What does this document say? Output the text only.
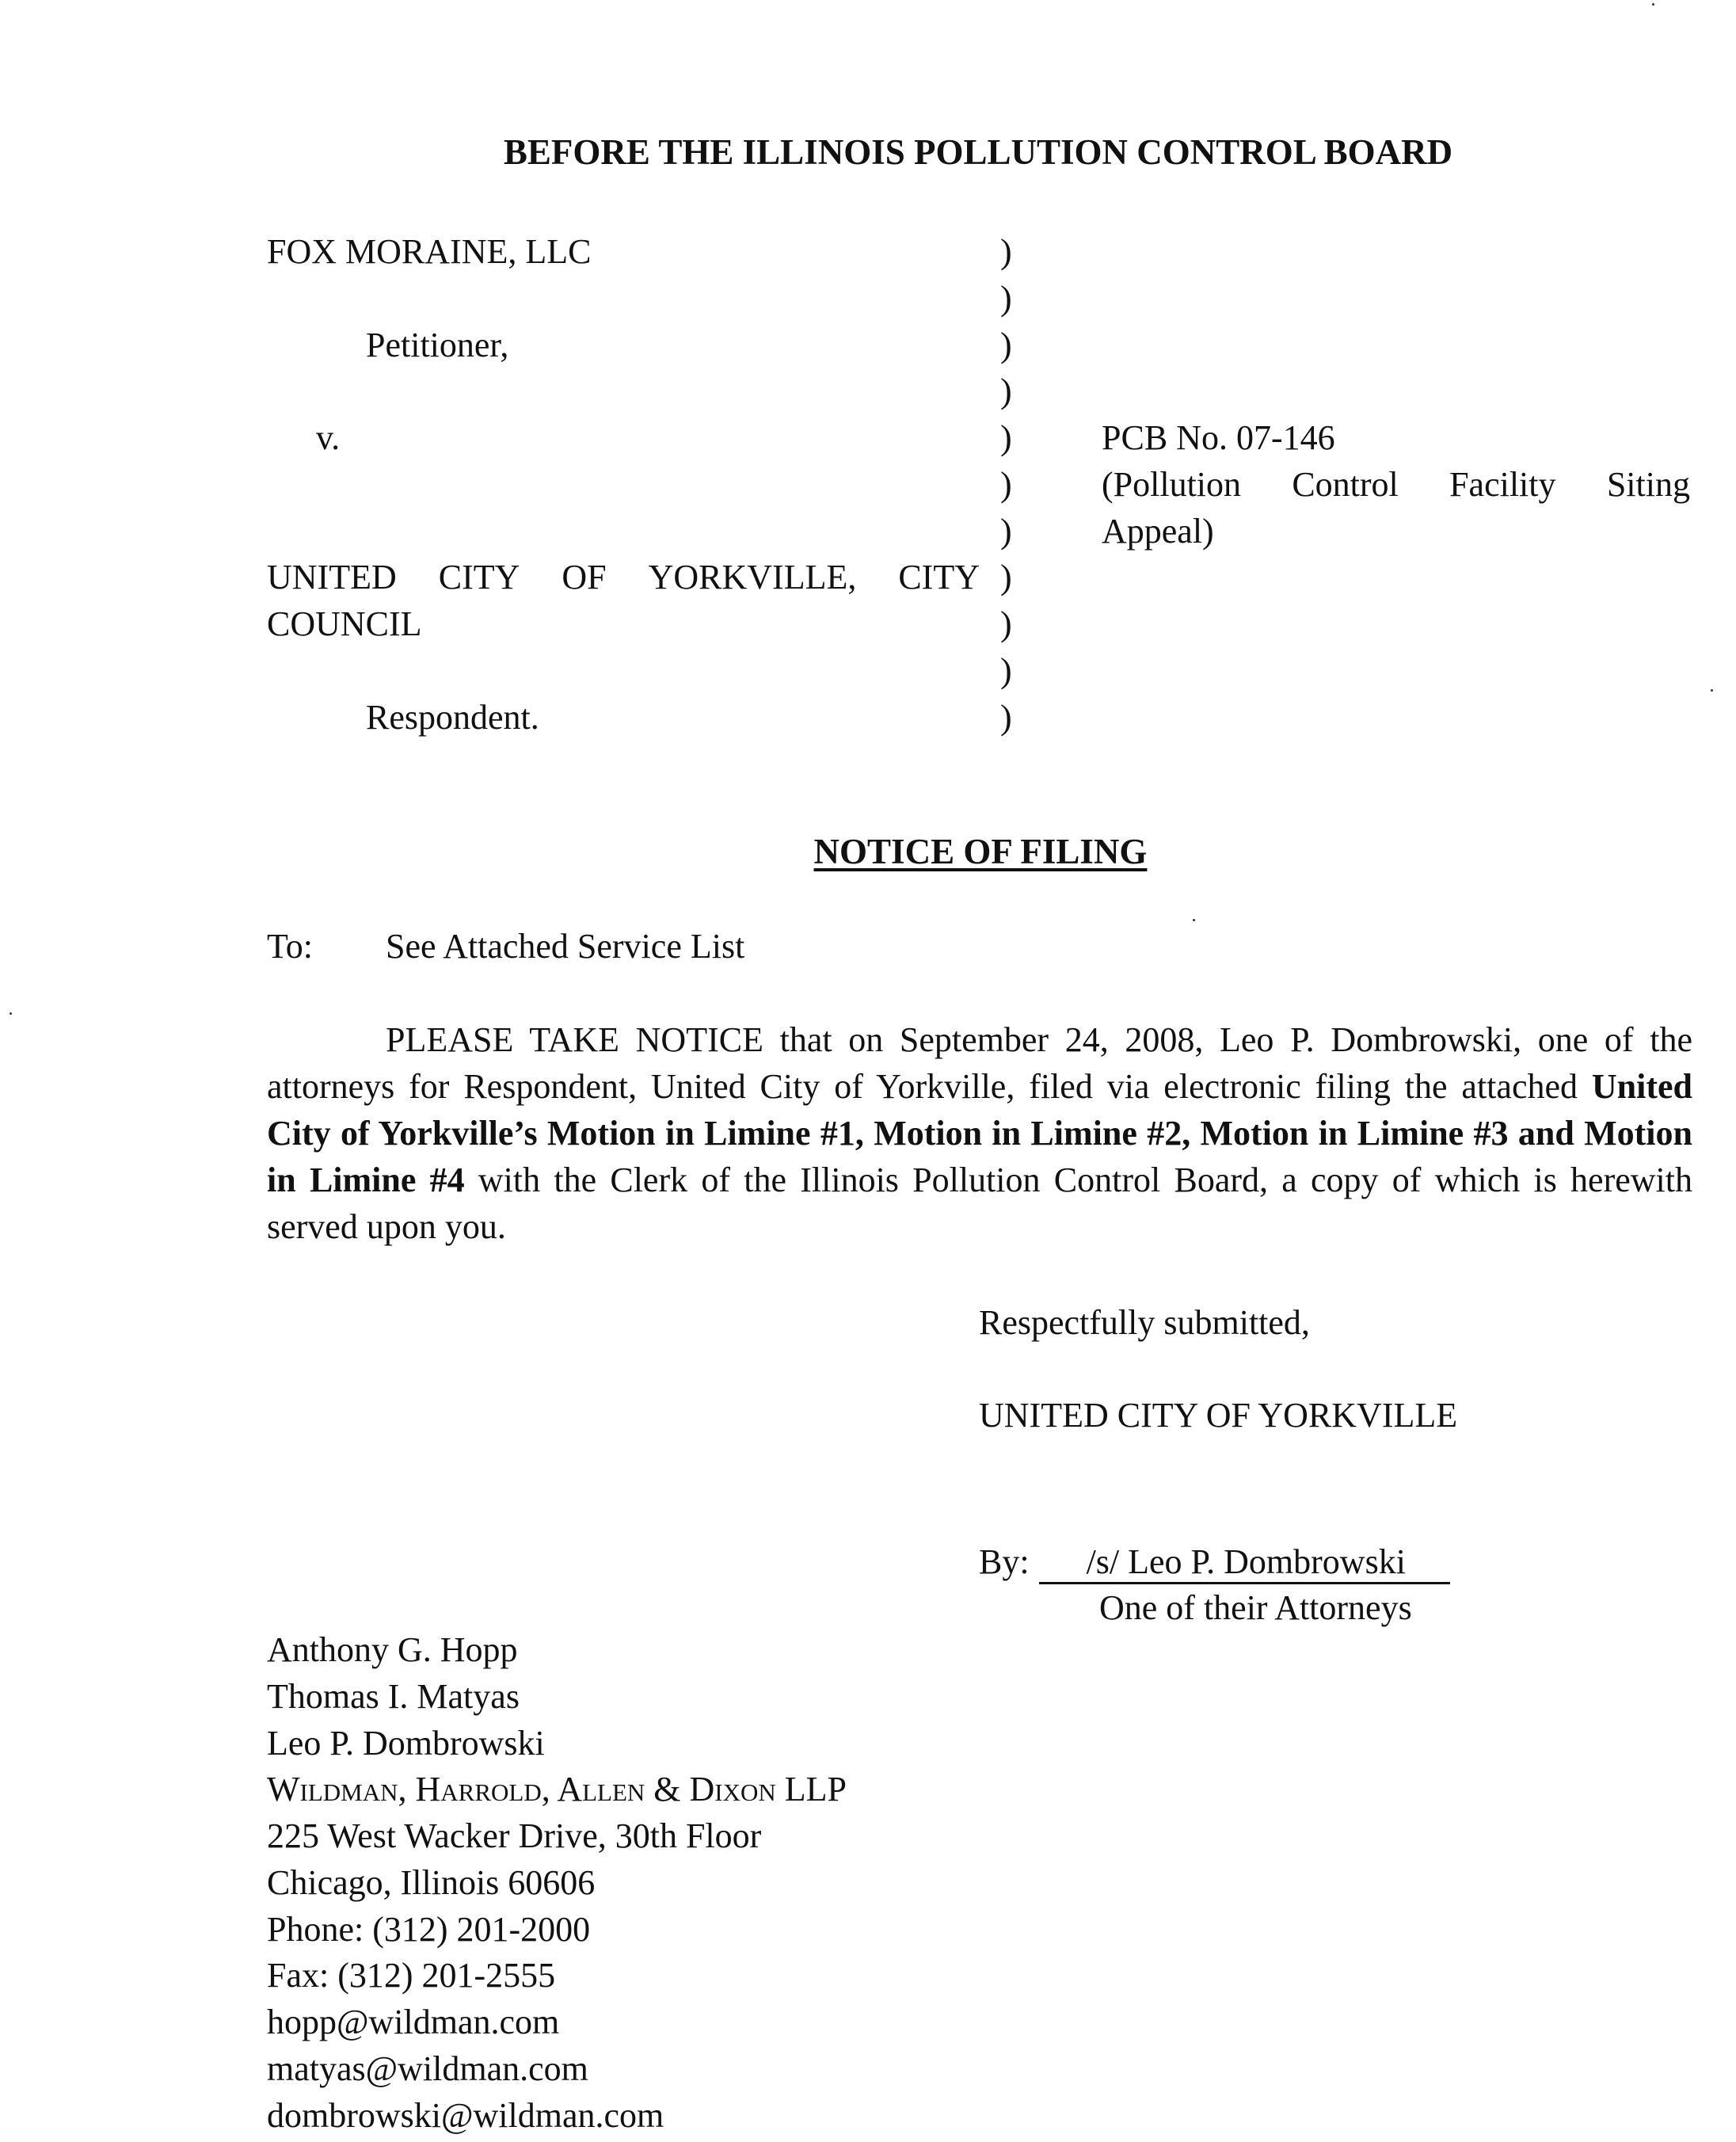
BEFORE THE ILLINOIS POLLUTION CONTROL BOARD
FOX MORAINE, LLC
Petitioner,
v.
UNITED CITY OF YORKVILLE, CITY
COUNCIL
Respondent.
)
)
)
)
)
)
)
)
)
)
)
PCB No. 07-146
(Pollution Control Facility Siting
Appeal)
NOTICE OF FILING
To: See Attached Service List
PLEASE TAKE NOTICE that on September 24, 2008, Leo P. Dombrowski, one of the attorneys for Respondent, United City of Yorkville, filed via electronic filing the attached United City of Yorkville’s Motion in Limine #1, Motion in Limine #2, Motion in Limine #3 and Motion in Limine #4 with the Clerk of the Illinois Pollution Control Board, a copy of which is herewith served upon you.
Respectfully submitted,
UNITED CITY OF YORKVILLE
By: /s/ Leo P. Dombrowski
One of their Attorneys
Anthony G. Hopp
Thomas I. Matyas
Leo P. Dombrowski
Wildman, Harrold, Allen & Dixon LLP
225 West Wacker Drive, 30th Floor
Chicago, Illinois 60606
Phone: (312) 201-2000
Fax: (312) 201-2555
hopp@wildman.com
matyas@wildman.com
dombrowski@wildman.com
